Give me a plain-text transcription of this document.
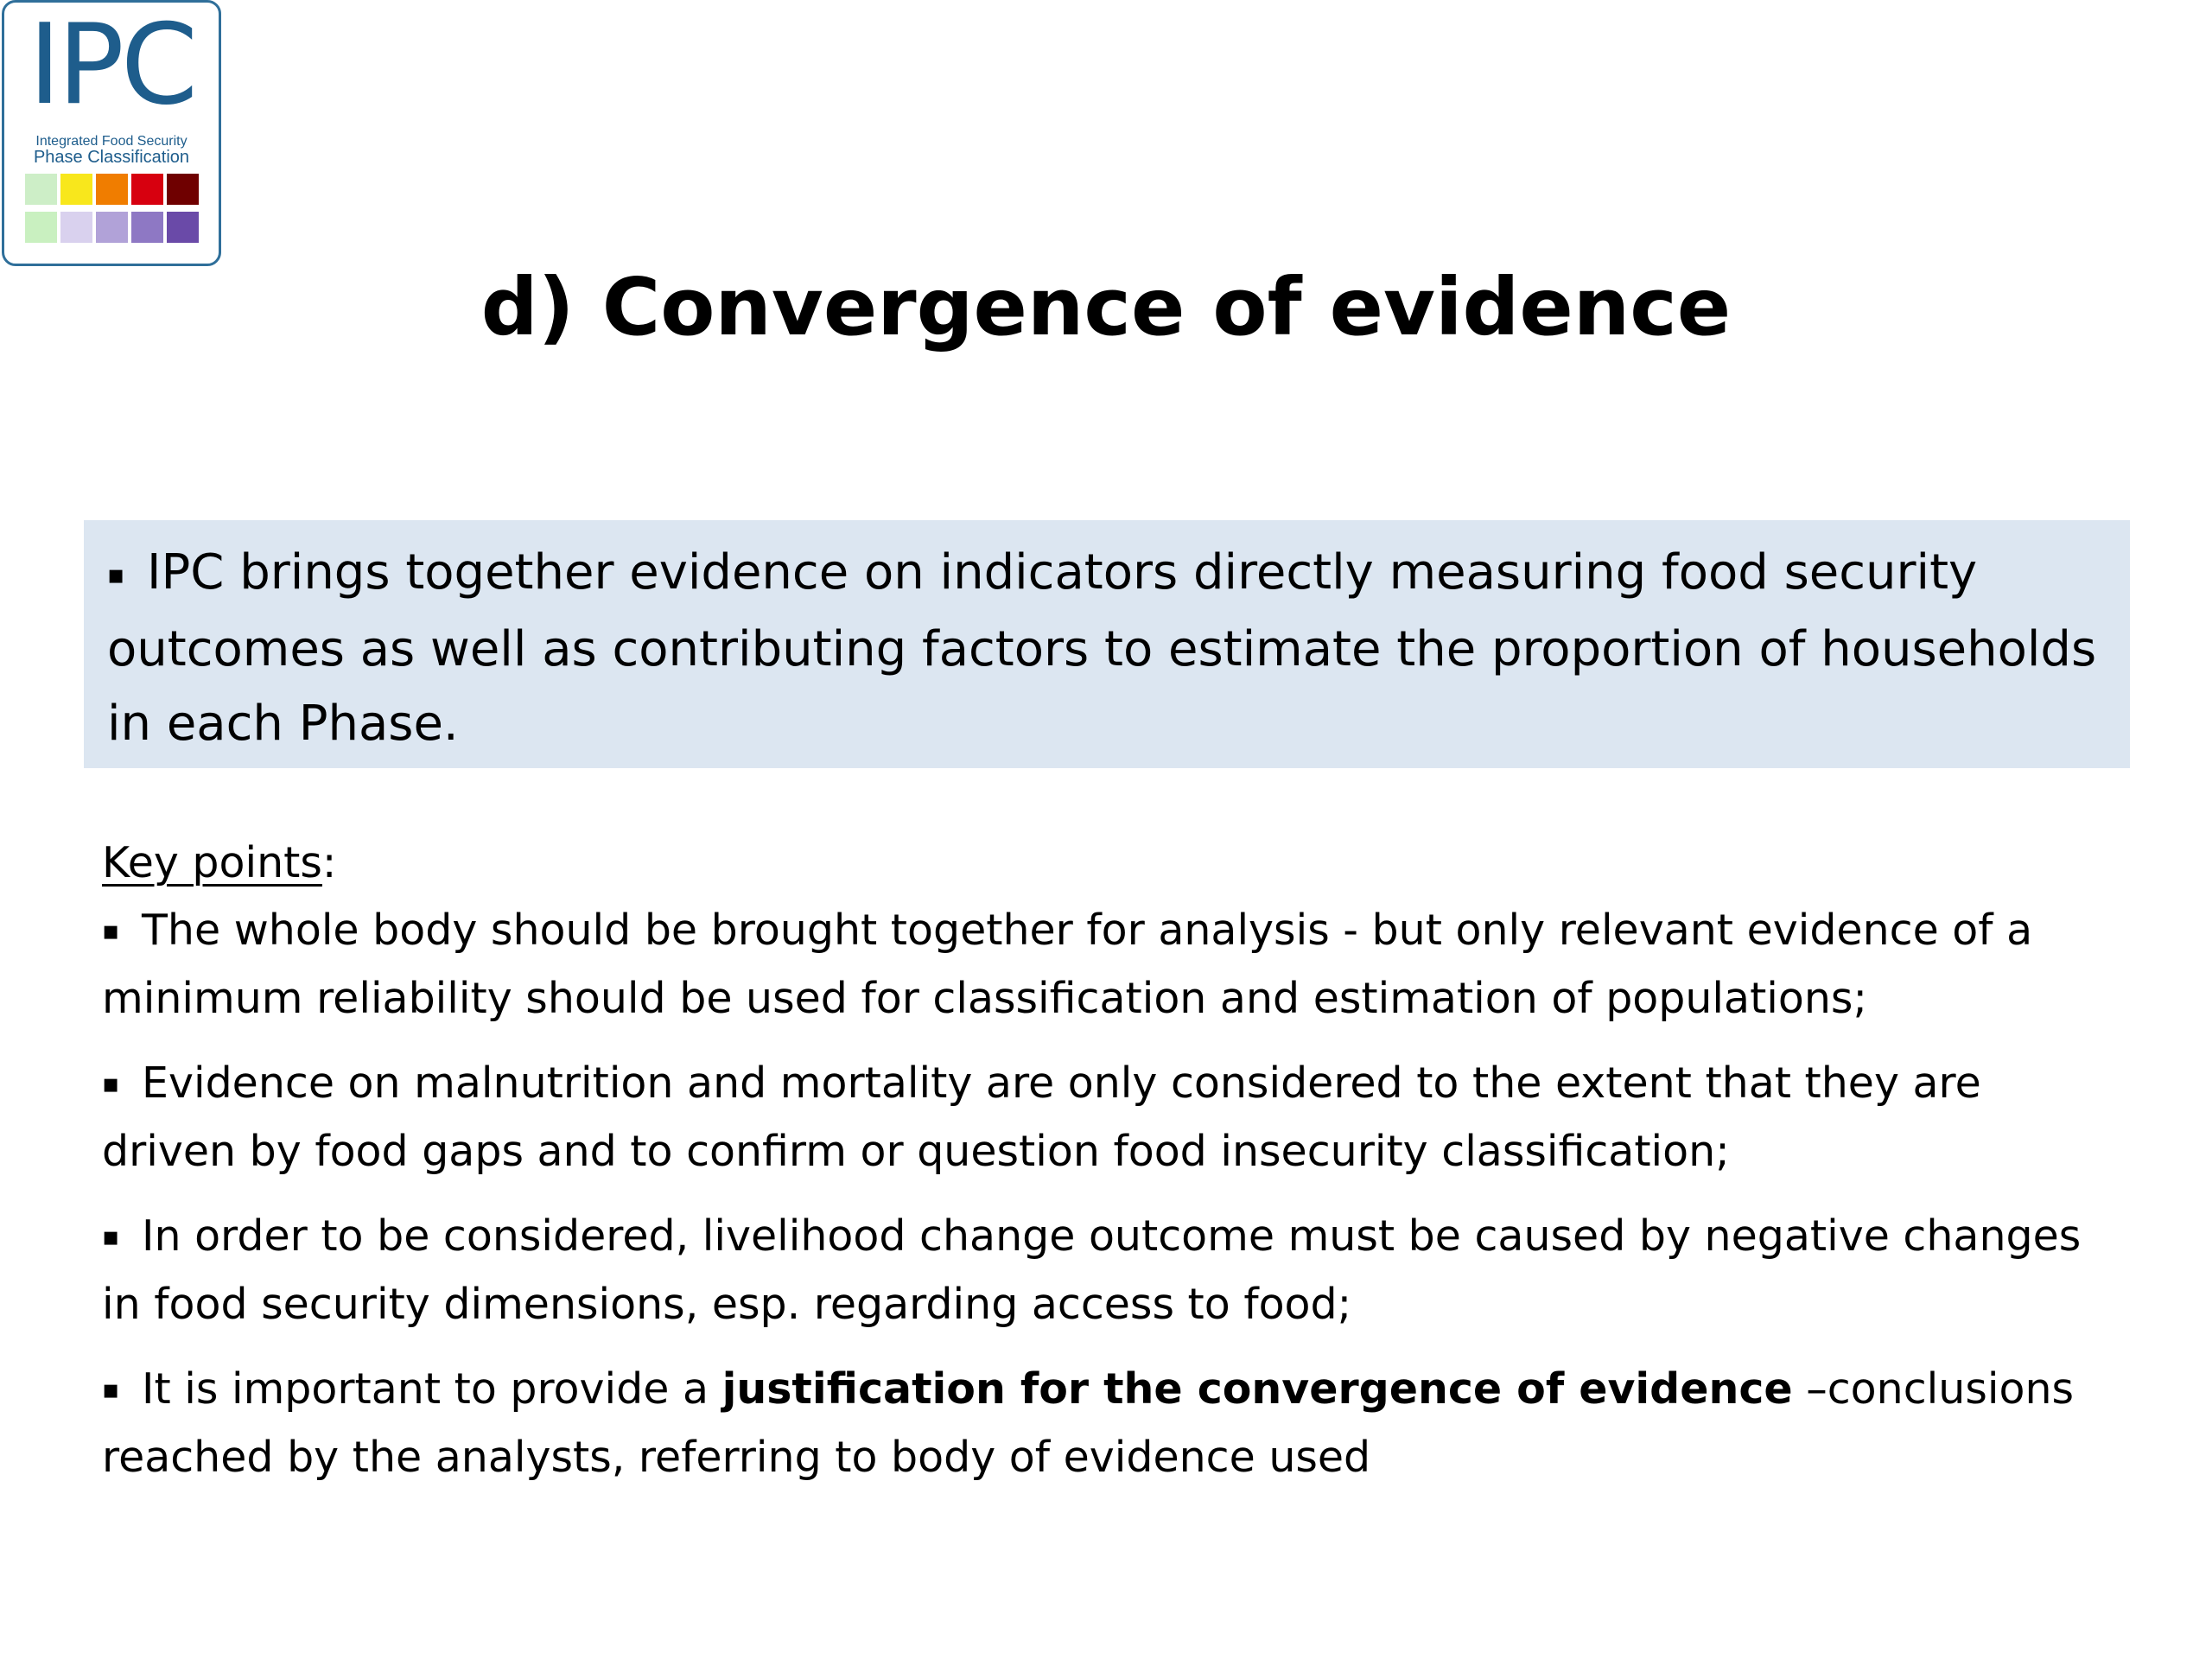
IPC
Integrated Food Security
Phase Classification
d) Convergence of evidence
▪ IPC brings together evidence on indicators directly measuring food security outcomes as well as contributing factors to estimate the proportion of households in each Phase.
Key points:
▪ The whole body should be brought together for analysis - but only relevant evidence of a minimum reliability should be used for classification and estimation of populations;
▪ Evidence on malnutrition and mortality are only considered to the extent that they are driven by food gaps and to confirm or question food insecurity classification;
▪ In order to be considered, livelihood change outcome must be caused by negative changes in food security dimensions, esp. regarding access to food;
▪ It is important to provide a justification for the convergence of evidence –conclusions reached by the analysts, referring to body of evidence used
